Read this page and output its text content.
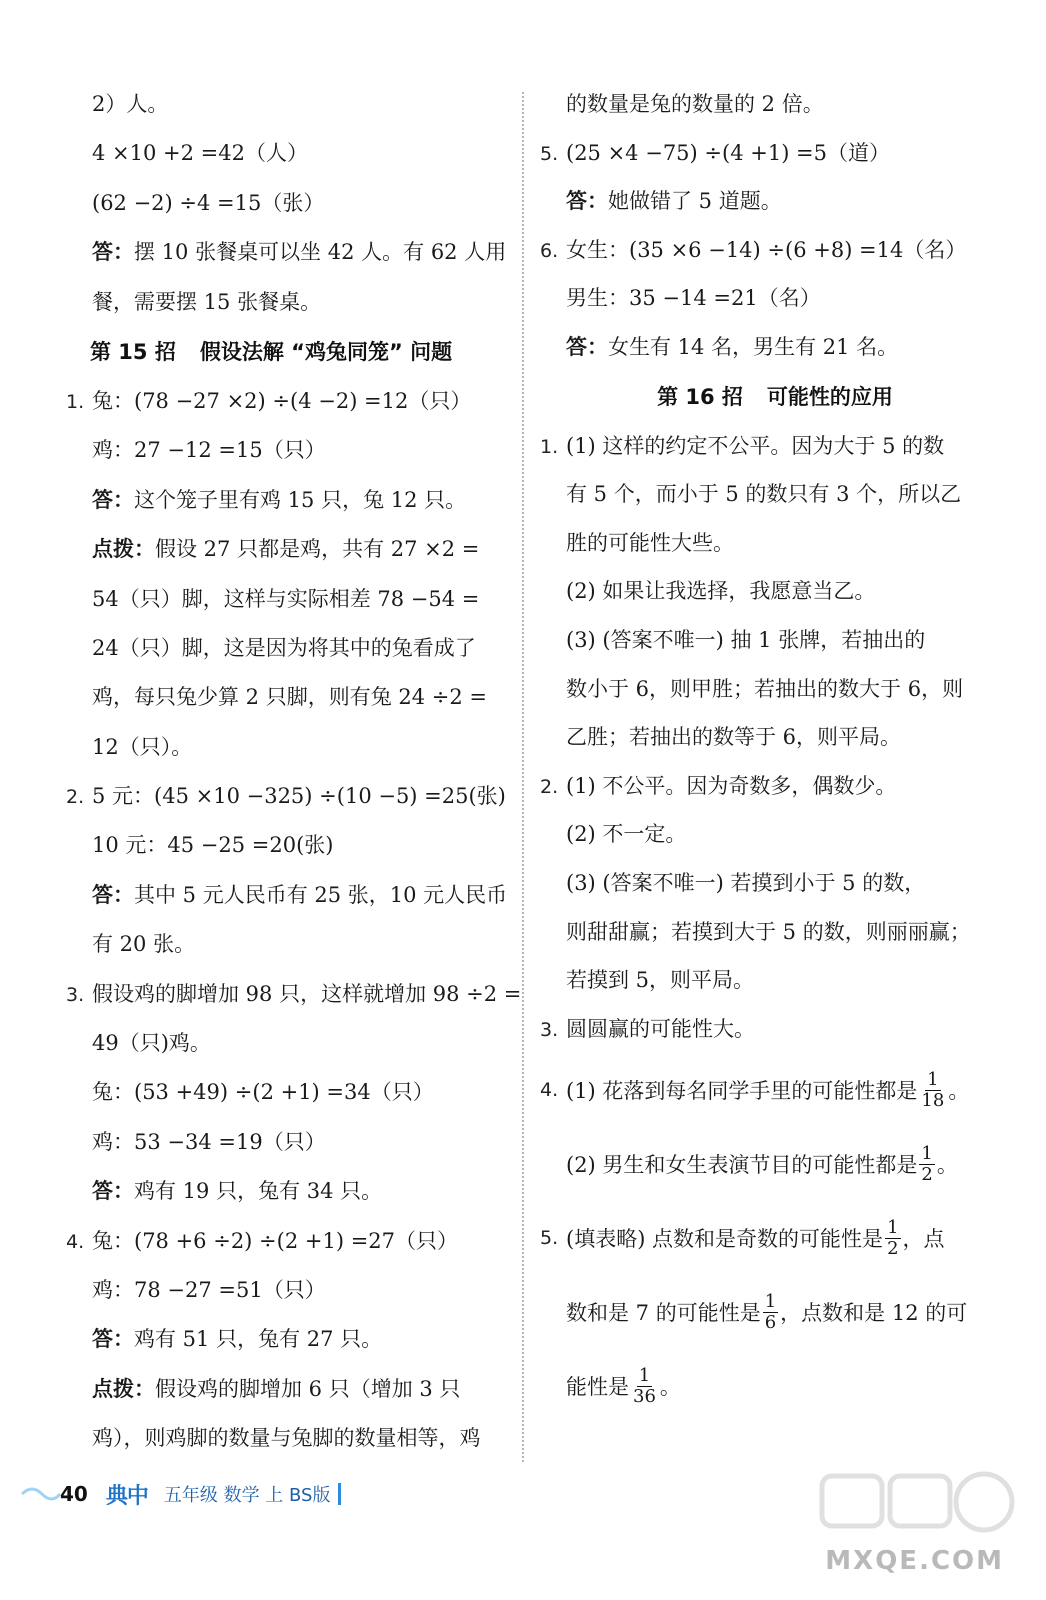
2）人。
4 ×10 +2 =42（人）
(62 −2) ÷4 =15（张）
答：摆 10 张餐桌可以坐 42 人。有 62 人用
餐，需要摆 15 张餐桌。
第 15 招 假设法解 “鸡兔同笼” 问题
1. 兔：(78 −27 ×2) ÷(4 −2) =12（只）
鸡：27 −12 =15（只）
答：这个笼子里有鸡 15 只，兔 12 只。
点拨：假设 27 只都是鸡，共有 27 ×2 =
54（只）脚，这样与实际相差 78 −54 =
24（只）脚，这是因为将其中的兔看成了
鸡，每只兔少算 2 只脚，则有兔 24 ÷2 =
12（只）。
2. 5 元：(45 ×10 −325) ÷(10 −5) =25(张)
10 元：45 −25 =20(张)
答：其中 5 元人民币有 25 张，10 元人民币
有 20 张。
3. 假设鸡的脚增加 98 只，这样就增加 98 ÷2 =
49（只)鸡。
兔：(53 +49) ÷(2 +1) =34（只）
鸡：53 −34 =19（只）
答：鸡有 19 只，兔有 34 只。
4. 兔：(78 +6 ÷2) ÷(2 +1) =27（只）
鸡：78 −27 =51（只）
答：鸡有 51 只，兔有 27 只。
点拨：假设鸡的脚增加 6 只（增加 3 只
鸡），则鸡脚的数量与兔脚的数量相等，鸡
的数量是兔的数量的 2 倍。
5. (25 ×4 −75) ÷(4 +1) =5（道）
答：她做错了 5 道题。
6. 女生：(35 ×6 −14) ÷(6 +8) =14（名）
男生：35 −14 =21（名）
答：女生有 14 名，男生有 21 名。
第 16 招 可能性的应用
1. (1) 这样的约定不公平。因为大于 5 的数
有 5 个，而小于 5 的数只有 3 个，所以乙
胜的可能性大些。
(2) 如果让我选择，我愿意当乙。
(3) (答案不唯一) 抽 1 张牌，若抽出的
数小于 6，则甲胜；若抽出的数大于 6，则
乙胜；若抽出的数等于 6，则平局。
2. (1) 不公平。因为奇数多，偶数少。
(2) 不一定。
(3) (答案不唯一) 若摸到小于 5 的数，
则甜甜赢；若摸到大于 5 的数，则丽丽赢；
若摸到 5，则平局。
3. 圆圆赢的可能性大。
4. (1) 花落到每名同学手里的可能性都是 $\frac{1}{18}$ 。
(2) 男生和女生表演节目的可能性都是 $\frac{1}{2}$ 。
5. (填表略) 点数和是奇数的可能性是 $\frac{1}{2}$ ，点
数和是 7 的可能性是 $\frac{1}{6}$ ，点数和是 12 的可
能性是 $\frac{1}{36}$ 。
40 典中 五年级 数学 上 BS版
MXQE.COM
